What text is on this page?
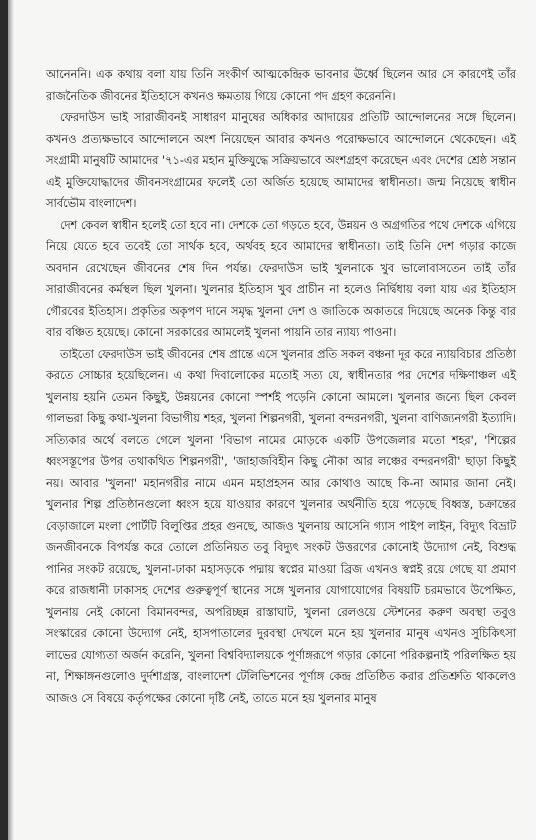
আনেননি। এক কথায় বলা যায় তিনি সংকীর্ণ আত্মকেন্দ্রিক ভাবনার ঊর্ধ্বে ছিলেন আর সে কারণেই তাঁর রাজনৈতিক জীবনের ইতিহাসে কখনও ক্ষমতায় গিয়ে কোনো পদ গ্রহণ করেননি।

ফেরদাউস ভাই সারাজীবনই সাধারণ মানুষের অধিকার আদায়ের প্রতিটি আন্দোলনের সঙ্গে ছিলেন। কখনও প্রত্যক্ষভাবে আন্দোলনে অংশ নিয়েছেন আবার কখনও পরোক্ষভাবে আন্দোলনে থেকেছেন। এই সংগ্রামী মানুষটি আমাদের '৭১-এর মহান মুক্তিযুদ্ধে সক্রিয়ভাবে অংশগ্রহণ করেছেন এবং দেশের শ্রেষ্ঠ সন্তান এই মুক্তিযোদ্ধাদের জীবনসংগ্রামের ফলেই তো অর্জিত হয়েছে আমাদের স্বাধীনতা। জন্ম নিয়েছে স্বাধীন সার্বভৌম বাংলাদেশ।

দেশ কেবল স্বাধীন হলেই তো হবে না। দেশকে তো গড়তে হবে, উন্নয়ন ও অগ্রগতির পথে দেশকে এগিয়ে নিয়ে যেতে হবে তবেই তো সার্থক হবে, অর্থবহ হবে আমাদের স্বাধীনতা। তাই তিনি দেশ গড়ার কাজে অবদান রেখেছেন জীবনের শেষ দিন পর্যন্ত। ফেরদাউস ভাই খুলনাকে খুব ভালোবাসতেন তাই তাঁর সারাজীবনের কর্মস্থল ছিল খুলনা। খুলনার ইতিহাস খুব প্রাচীন না হলেও নির্দ্বিধায় বলা যায় এর ইতিহাস গৌরবের ইতিহাস। প্রকৃতির অকৃপণ দানে সমৃদ্ধ খুলনা দেশ ও জাতিকে অকাতরে দিয়েছে অনেক কিন্তু বার বার বঞ্চিত হয়েছে। কোনো সরকারের আমলেই খুলনা পায়নি তার ন্যায্য পাওনা।

তাইতো ফেরদাউস ভাই জীবনের শেষ প্রান্তে এসে খুলনার প্রতি সকল বঞ্চনা দূর করে ন্যায়বিচার প্রতিষ্ঠা করতে সোচ্চার হয়েছিলেন। এ কথা দিবালোকের মতোই সত্য যে, স্বাধীনতার পর দেশের দক্ষিণাঞ্চল এই খুলনায় হয়নি তেমন কিছুই, উন্নয়নের কোনো স্পর্শই পড়েনি কোনো আমলে। খুলনার জন্যে ছিল কেবল গালভরা কিছু কথা-খুলনা বিভাগীয় শহর, খুলনা শিল্পনগরী, খুলনা বন্দরনগরী, খুলনা বাণিজ্যনগরী ইত্যাদি। সত্যিকার অর্থে বলতে গেলে খুলনা 'বিভাগ নামের মোড়কে একটি উপজেলার মতো শহর', 'শিল্পের ধ্বংসস্তূপের উপর তথাকথিত শিল্পনগরী', 'জাহাজবিহীন কিছু নৌকা আর লঞ্চের বন্দরনগরী' ছাড়া কিছুই নয়। আবার 'খুলনা' মহানগরীর নামে এমন মহাপ্রহসন আর কোথাও আছে কি-না আমার জানা নেই। খুলনার শিল্প প্রতিষ্ঠানগুলো ধ্বংস হয়ে যাওয়ার কারণে খুলনার অর্থনীতি হয়ে পড়েছে বিধ্বস্ত, চক্রান্তের বেড়াজালে মংলা পোর্টটি বিলুপ্তির প্রহর গুনছে, আজও খুলনায় আসেনি গ্যাস পাইপ লাইন, বিদ্যুৎ বিভ্রাট জনজীবনকে বিপর্যস্ত করে তোলে প্রতিনিয়ত তবু বিদ্যুৎ সংকট উত্তরণের কোনোই উদ্যোগ নেই, বিশুদ্ধ পানির সংকট রয়েছে, খুলনা-ঢাকা মহাসড়কে পদ্মায় স্বপ্নের মাওয়া ব্রিজ এখনও স্বপ্নই রয়ে গেছে যা প্রমাণ করে রাজধানী ঢাকাসহ দেশের গুরুত্বপূর্ণ স্থানের সঙ্গে খুলনার যোগাযোগের বিষয়টি চরমভাবে উপেক্ষিত, খুলনায় নেই কোনো বিমানবন্দর, অপরিচ্ছন্ন রাস্তাঘাট, খুলনা রেলওয়ে স্টেশনের করুণ অবস্থা তবুও সংস্কারের কোনো উদ্যোগ নেই, হাসপাতালের দুরবস্থা দেখলে মনে হয় খুলনার মানুষ এখনও সুচিকিৎসা লাভের যোগ্যতা অর্জন করেনি, খুলনা বিশ্ববিদ্যালয়কে পূর্ণাঙ্গরূপে গড়ার কোনো পরিকল্পনাই পরিলক্ষিত হয় না, শিক্ষাঙ্গনগুলোও দুর্দশাগ্রস্ত, বাংলাদেশ টেলিভিশনের পূর্ণাঙ্গ কেন্দ্র প্রতিষ্ঠিত করার প্রতিশ্রুতি থাকলেও আজও সে বিষয়ে কর্তৃপক্ষের কোনো দৃষ্টি নেই, তাতে মনে হয় খুলনার মানুষ
